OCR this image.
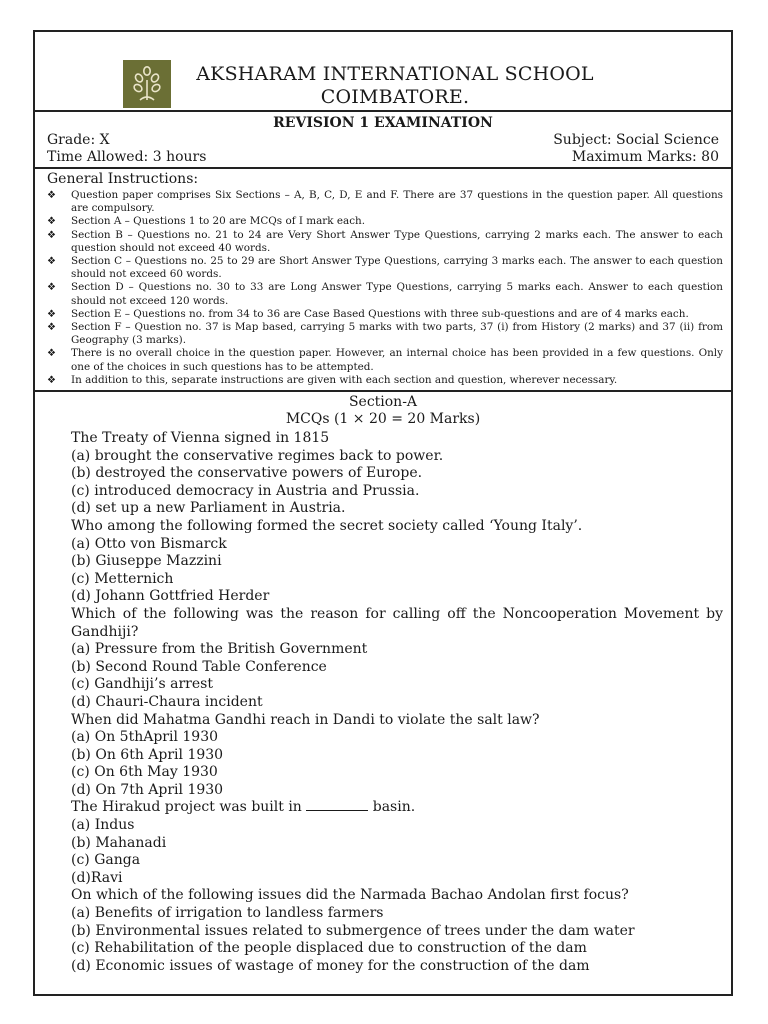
AKSHARAM INTERNATIONAL SCHOOL
COIMBATORE.
REVISION 1 EXAMINATION
Grade: X
Time Allowed: 3 hours
Subject: Social Science
Maximum Marks: 80
General Instructions:
❖ Question paper comprises Six Sections – A, B, C, D, E and F. There are 37 questions in the question paper. All questions are compulsory.
❖ Section A – Questions 1 to 20 are MCQs of I mark each.
❖ Section B – Questions no. 21 to 24 are Very Short Answer Type Questions, carrying 2 marks each. The answer to each question should not exceed 40 words.
❖ Section C – Questions no. 25 to 29 are Short Answer Type Questions, carrying 3 marks each. The answer to each question should not exceed 60 words.
❖ Section D – Questions no. 30 to 33 are Long Answer Type Questions, carrying 5 marks each. Answer to each question should not exceed 120 words.
❖ Section E – Questions no. from 34 to 36 are Case Based Questions with three sub-questions and are of 4 marks each.
❖ Section F – Question no. 37 is Map based, carrying 5 marks with two parts, 37 (i) from History (2 marks) and 37 (ii) from Geography (3 marks).
❖ There is no overall choice in the question paper. However, an internal choice has been provided in a few questions. Only one of the choices in such questions has to be attempted.
❖ In addition to this, separate instructions are given with each section and question, wherever necessary.
Section-A
MCQs (1 × 20 = 20 Marks)
The Treaty of Vienna signed in 1815
(a) brought the conservative regimes back to power.
(b) destroyed the conservative powers of Europe.
(c) introduced democracy in Austria and Prussia.
(d) set up a new Parliament in Austria.
Who among the following formed the secret society called ‘Young Italy’.
(a) Otto von Bismarck
(b) Giuseppe Mazzini
(c) Metternich
(d) Johann Gottfried Herder
Which of the following was the reason for calling off the Noncooperation Movement by Gandhiji?
(a) Pressure from the British Government
(b) Second Round Table Conference
(c) Gandhiji’s arrest
(d) Chauri-Chaura incident
When did Mahatma Gandhi reach in Dandi to violate the salt law?
(a) On 5thApril 1930
(b) On 6th April 1930
(c) On 6th May 1930
(d) On 7th April 1930
The Hirakud project was built in	basin.
(a) Indus
(b) Mahanadi
(c) Ganga
(d)Ravi
On which of the following issues did the Narmada Bachao Andolan first focus?
(a) Benefits of irrigation to landless farmers
(b) Environmental issues related to submergence of trees under the dam water
(c) Rehabilitation of the people displaced due to construction of the dam
(d) Economic issues of wastage of money for the construction of the dam
